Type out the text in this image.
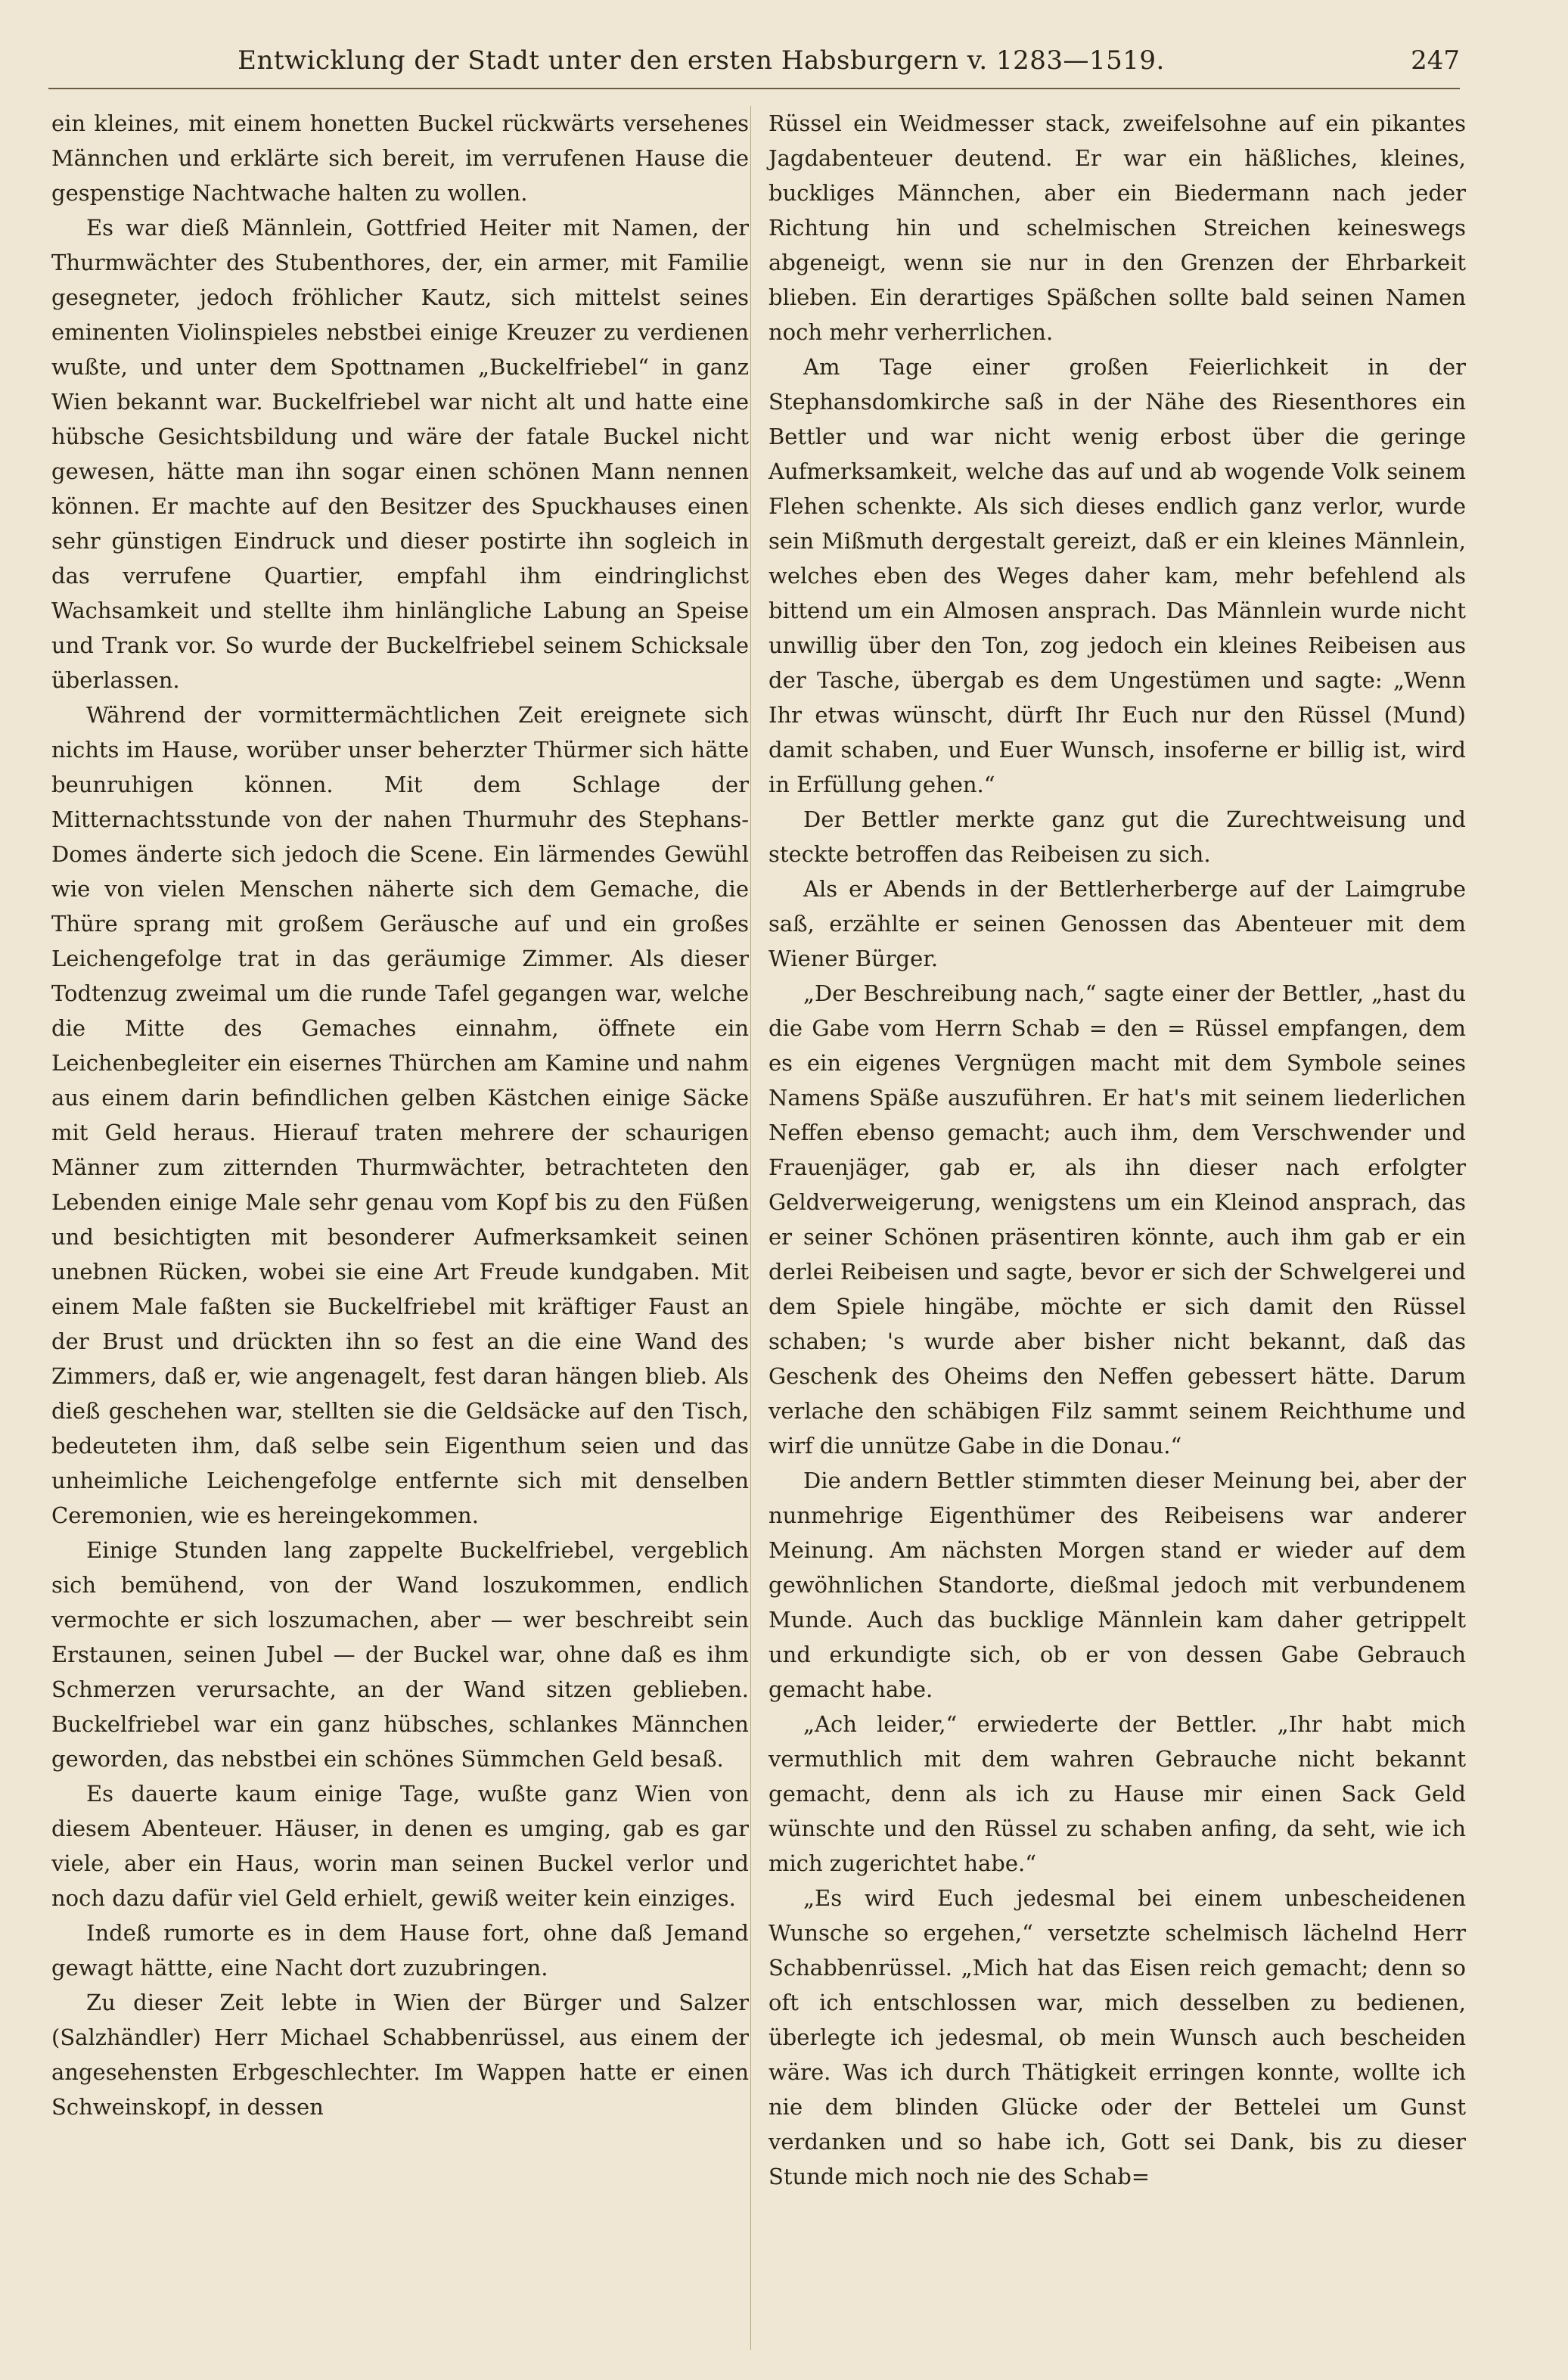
Entwicklung der Stadt unter den ersten Habsburgern v. 1283—1519.	247

ein kleines, mit einem honetten Buckel rückwärts versehenes Männchen und erklärte sich bereit, im verrufenen Hause die gespenstige Nachtwache halten zu wollen.

Es war dieß Männlein, Gottfried Heiter mit Namen, der Thurmwächter des Stubenthores, der, ein armer, mit Familie gesegneter, jedoch fröhlicher Kautz, sich mittelst seines eminenten Violinspieles nebstbei einige Kreuzer zu verdienen wußte, und unter dem Spottnamen „Buckelfriebel“ in ganz Wien bekannt war. Buckelfriebel war nicht alt und hatte eine hübsche Gesichtsbildung und wäre der fatale Buckel nicht gewesen, hätte man ihn sogar einen schönen Mann nennen können. Er machte auf den Besitzer des Spuckhauses einen sehr günstigen Eindruck und dieser postirte ihn sogleich in das verrufene Quartier, empfahl ihm eindringlichst Wachsamkeit und stellte ihm hinlängliche Labung an Speise und Trank vor. So wurde der Buckelfriebel seinem Schicksale überlassen.

Während der vormittermächtlichen Zeit ereignete sich nichts im Hause, worüber unser beherzter Thürmer sich hätte beunruhigen können. Mit dem Schlage der Mitternachtsstunde von der nahen Thurmuhr des Stephans-Domes änderte sich jedoch die Scene. Ein lärmendes Gewühl wie von vielen Menschen näherte sich dem Gemache, die Thüre sprang mit großem Geräusche auf und ein großes Leichengefolge trat in das geräumige Zimmer. Als dieser Todtenzug zweimal um die runde Tafel gegangen war, welche die Mitte des Gemaches einnahm, öffnete ein Leichenbegleiter ein eisernes Thürchen am Kamine und nahm aus einem darin befindlichen gelben Kästchen einige Säcke mit Geld heraus. Hierauf traten mehrere der schaurigen Männer zum zitternden Thurmwächter, betrachteten den Lebenden einige Male sehr genau vom Kopf bis zu den Füßen und besichtigten mit besonderer Aufmerksamkeit seinen unebnen Rücken, wobei sie eine Art Freude kundgaben. Mit einem Male faßten sie Buckelfriebel mit kräftiger Faust an der Brust und drückten ihn so fest an die eine Wand des Zimmers, daß er, wie angenagelt, fest daran hängen blieb. Als dieß geschehen war, stellten sie die Geldsäcke auf den Tisch, bedeuteten ihm, daß selbe sein Eigenthum seien und das unheimliche Leichengefolge entfernte sich mit denselben Ceremonien, wie es hereingekommen.

Einige Stunden lang zappelte Buckelfriebel, vergeblich sich bemühend, von der Wand loszukommen, endlich vermochte er sich loszumachen, aber — wer beschreibt sein Erstaunen, seinen Jubel — der Buckel war, ohne daß es ihm Schmerzen verursachte, an der Wand sitzen geblieben. Buckelfriebel war ein ganz hübsches, schlankes Männchen geworden, das nebstbei ein schönes Sümmchen Geld besaß.

Es dauerte kaum einige Tage, wußte ganz Wien von diesem Abenteuer. Häuser, in denen es umging, gab es gar viele, aber ein Haus, worin man seinen Buckel verlor und noch dazu dafür viel Geld erhielt, gewiß weiter kein einziges.

Indeß rumorte es in dem Hause fort, ohne daß Jemand gewagt hättte, eine Nacht dort zuzubringen.

Zu dieser Zeit lebte in Wien der Bürger und Salzer (Salzhändler) Herr Michael Schabbenrüssel, aus einem der angesehensten Erbgeschlechter. Im Wappen hatte er einen Schweinskopf, in dessen

Rüssel ein Weidmesser stack, zweifelsohne auf ein pikantes Jagdabenteuer deutend. Er war ein häßliches, kleines, buckliges Männchen, aber ein Biedermann nach jeder Richtung hin und schelmischen Streichen keineswegs abgeneigt, wenn sie nur in den Grenzen der Ehrbarkeit blieben. Ein derartiges Späßchen sollte bald seinen Namen noch mehr verherrlichen.

Am Tage einer großen Feierlichkeit in der Stephansdomkirche saß in der Nähe des Riesenthores ein Bettler und war nicht wenig erbost über die geringe Aufmerksamkeit, welche das auf und ab wogende Volk seinem Flehen schenkte. Als sich dieses endlich ganz verlor, wurde sein Mißmuth dergestalt gereizt, daß er ein kleines Männlein, welches eben des Weges daher kam, mehr befehlend als bittend um ein Almosen ansprach. Das Männlein wurde nicht unwillig über den Ton, zog jedoch ein kleines Reibeisen aus der Tasche, übergab es dem Ungestümen und sagte: „Wenn Ihr etwas wünscht, dürft Ihr Euch nur den Rüssel (Mund) damit schaben, und Euer Wunsch, insoferne er billig ist, wird in Erfüllung gehen.“

Der Bettler merkte ganz gut die Zurechtweisung und steckte betroffen das Reibeisen zu sich.

Als er Abends in der Bettlerherberge auf der Laimgrube saß, erzählte er seinen Genossen das Abenteuer mit dem Wiener Bürger.

„Der Beschreibung nach,“ sagte einer der Bettler, „hast du die Gabe vom Herrn Schab = den = Rüssel empfangen, dem es ein eigenes Vergnügen macht mit dem Symbole seines Namens Späße auszuführen. Er hat's mit seinem liederlichen Neffen ebenso gemacht; auch ihm, dem Verschwender und Frauenjäger, gab er, als ihn dieser nach erfolgter Geldverweigerung, wenigstens um ein Kleinod ansprach, das er seiner Schönen präsentiren könnte, auch ihm gab er ein derlei Reibeisen und sagte, bevor er sich der Schwelgerei und dem Spiele hingäbe, möchte er sich damit den Rüssel schaben; 's wurde aber bisher nicht bekannt, daß das Geschenk des Oheims den Neffen gebessert hätte. Darum verlache den schäbigen Filz sammt seinem Reichthume und wirf die unnütze Gabe in die Donau.“

Die andern Bettler stimmten dieser Meinung bei, aber der nunmehrige Eigenthümer des Reibeisens war anderer Meinung. Am nächsten Morgen stand er wieder auf dem gewöhnlichen Standorte, dießmal jedoch mit verbundenem Munde. Auch das bucklige Männlein kam daher getrippelt und erkundigte sich, ob er von dessen Gabe Gebrauch gemacht habe.

„Ach leider,“ erwiederte der Bettler. „Ihr habt mich vermuthlich mit dem wahren Gebrauche nicht bekannt gemacht, denn als ich zu Hause mir einen Sack Geld wünschte und den Rüssel zu schaben anfing, da seht, wie ich mich zugerichtet habe.“

„Es wird Euch jedesmal bei einem unbescheidenen Wunsche so ergehen,“ versetzte schelmisch lächelnd Herr Schabbenrüssel. „Mich hat das Eisen reich gemacht; denn so oft ich entschlossen war, mich desselben zu bedienen, überlegte ich jedesmal, ob mein Wunsch auch bescheiden wäre. Was ich durch Thätigkeit erringen konnte, wollte ich nie dem blinden Glücke oder der Bettelei um Gunst verdanken und so habe ich, Gott sei Dank, bis zu dieser Stunde mich noch nie des Schab=
